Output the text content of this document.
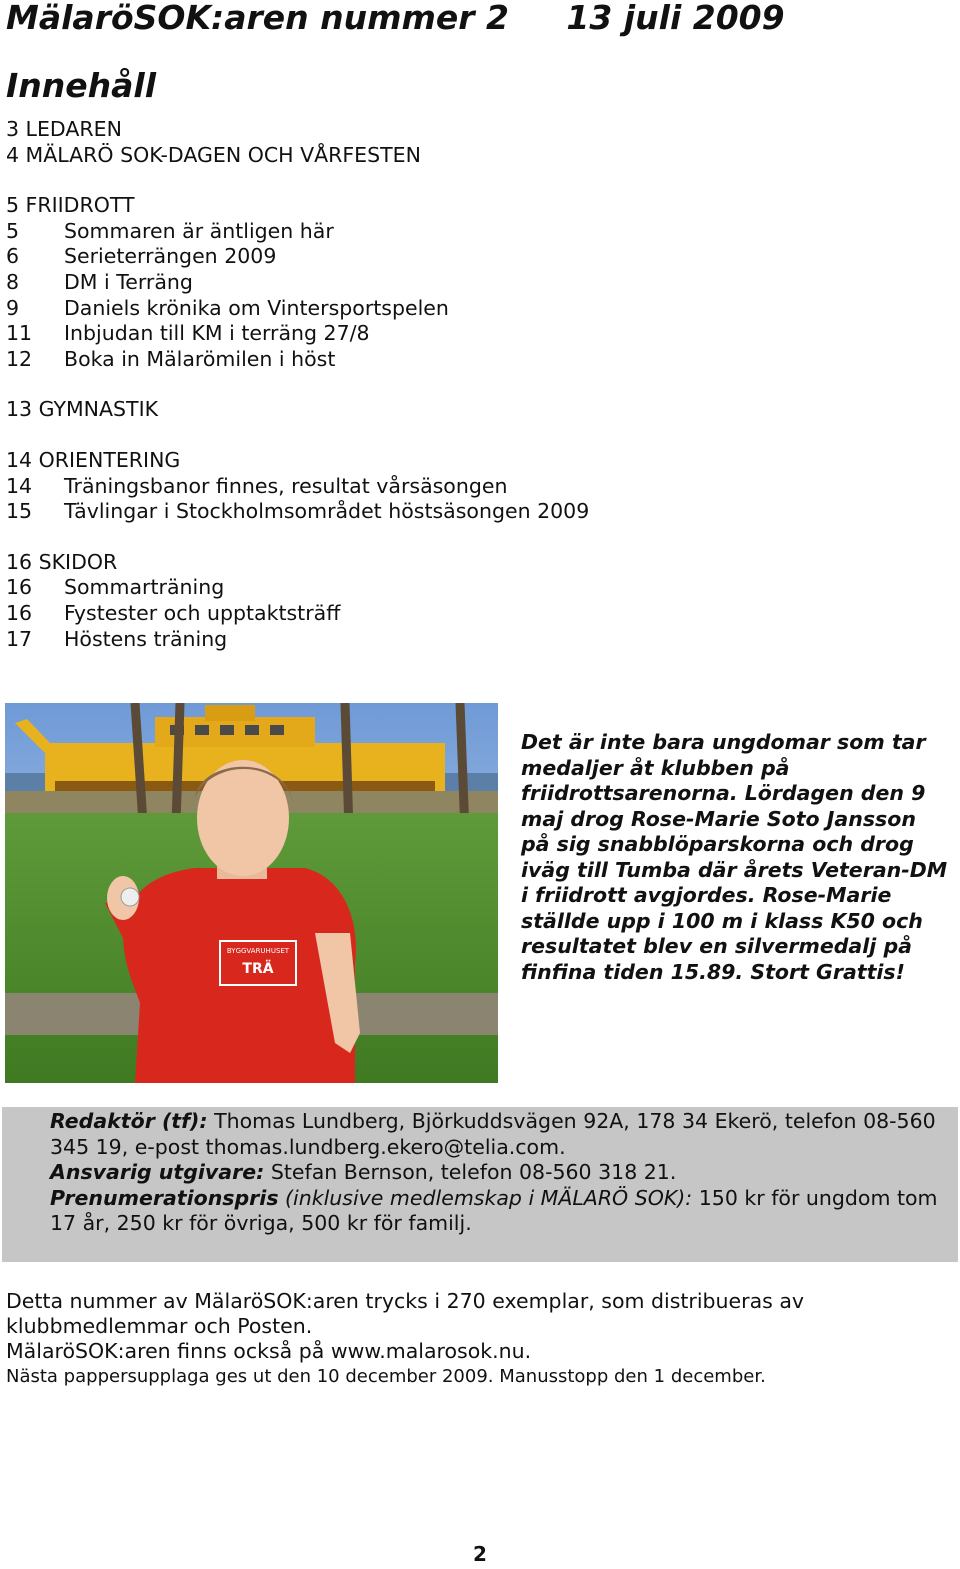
MälaröSOK:aren nummer 2     13 juli 2009
Innehåll
3 LEDAREN
4 MÄLARÖ SOK-DAGEN OCH VÅRFESTEN
5 FRIIDROTT
5	Sommaren är äntligen här
6	Serieterrängen 2009
8	DM i Terräng
9	Daniels krönika om Vintersportspelen
11	Inbjudan till KM i terräng 27/8
12	Boka in Mälarömilen i höst
13 GYMNASTIK
14 ORIENTERING
14	Träningsbanor finnes, resultat vårsäsongen
15	Tävlingar i Stockholmsområdet höstsäsongen 2009
16 SKIDOR
16	Sommarträning
16	Fystester och upptaktsträff
17	Höstens träning
BYGGVARUHUSET
TRÄ
Det är inte bara ungdomar som tar medaljer åt klubben på friidrottsarenorna. Lördagen den 9 maj drog Rose-Marie Soto Jansson på sig snabblöparskorna och drog iväg till Tumba där årets Veteran-DM i friidrott avgjordes. Rose-Marie ställde upp i 100 m i klass K50 och resultatet blev en silvermedalj på finfina tiden 15.89. Stort Grattis!
Redaktör (tf): Thomas Lundberg, Björkuddsvägen 92A, 178 34 Ekerö, telefon 08-560 345 19, e-post thomas.lundberg.ekero@telia.com.
Ansvarig utgivare: Stefan Bernson, telefon 08-560 318 21.
Prenumerationspris (inklusive medlemskap i MÄLARÖ SOK): 150 kr för ungdom tom 17 år, 250 kr för övriga, 500 kr för familj.
Detta nummer av MälaröSOK:aren trycks i 270 exemplar, som distribueras av klubbmedlemmar och Posten.
MälaröSOK:aren finns också på www.malarosok.nu.
Nästa pappersupplaga ges ut den 10 december 2009. Manusstopp den 1 december.
2
